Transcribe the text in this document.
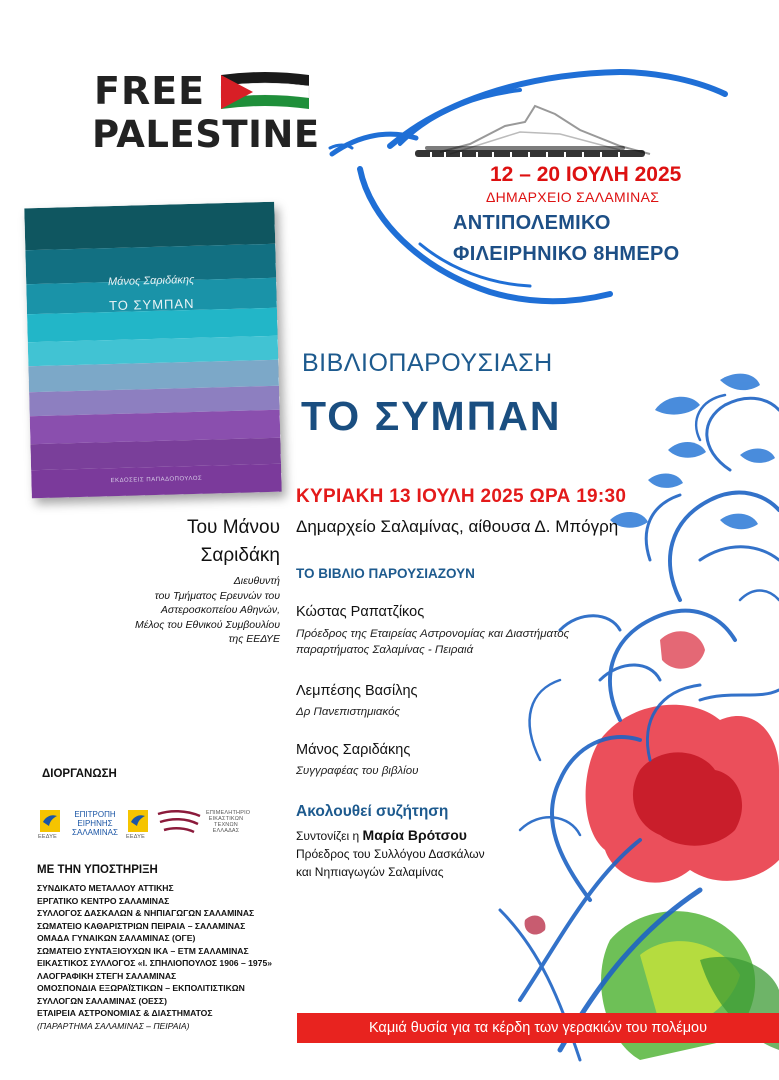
FREE
PALESTINE
12 – 20 ΙΟΥΛΗ 2025
ΔΗΜΑΡΧΕΙΟ ΣΑΛΑΜΙΝΑΣ
ΑΝΤΙΠΟΛΕΜΙΚΟ
ΦΙΛΕΙΡΗΝΙΚΟ 8ΗΜΕΡΟ
Μάνος Σαριδάκης
ΤΟ ΣΥΜΠΑΝ
ΕΚΔΟΣΕΙΣ ΠΑΠΑΔΟΠΟΥΛΟΣ
ΒΙΒΛΙΟΠΑΡΟΥΣΙΑΣΗ
ΤΟ ΣΥΜΠΑΝ
ΚΥΡΙΑΚΗ 13 ΙΟΥΛΗ 2025 ΩΡΑ 19:30
Δημαρχείο Σαλαμίνας, αίθουσα Δ. Μπόγρη
Του Μάνου
Σαριδάκη
Διευθυντή
του Τμήματος Ερευνών του
Αστεροσκοπείου Αθηνών,
Μέλος του Εθνικού Συμβουλίου
της ΕΕΔΥΕ
ΤΟ ΒΙΒΛΙΟ ΠΑΡΟΥΣΙΑΖΟΥΝ
Κώστας Ραπατζίκος
Πρόεδρος της Εταιρείας Αστρονομίας και Διαστήματος
παραρτήματος Σαλαμίνας - Πειραιά
Λεμπέσης Βασίλης
Δρ Πανεπιστημιακός
Μάνος Σαριδάκης
Συγγραφέας του βιβλίου
Ακολουθεί συζήτηση
Συντονίζει η Μαρία Βρότσου
Πρόεδρος του Συλλόγου Δασκάλων
και Νηπιαγωγών Σαλαμίνας
ΔΙΟΡΓΑΝΩΣΗ
ΕΕΔΥΕ
ΕΠΙΤΡΟΠΗ
ΕΙΡΗΝΗΣ
ΣΑΛΑΜΙΝΑΣ	ΕΕΔΥΕ
ΕΠΙΜΕΛΗΤΗΡΙΟ
ΕΙΚΑΣΤΙΚΩΝ
ΤΕΧΝΩΝ
ΕΛΛΑΔΑΣ
ΜΕ ΤΗΝ ΥΠΟΣΤΗΡΙΞΗ
ΣΥΝΔΙΚΑΤΟ ΜΕΤΑΛΛΟΥ ΑΤΤΙΚΗΣ
ΕΡΓΑΤΙΚΟ ΚΕΝΤΡΟ ΣΑΛΑΜΙΝΑΣ
ΣΥΛΛΟΓΟΣ ΔΑΣΚΑΛΩΝ & ΝΗΠΙΑΓΩΓΩΝ ΣΑΛΑΜΙΝΑΣ
ΣΩΜΑΤΕΙΟ ΚΑΘΑΡΙΣΤΡΙΩΝ ΠΕΙΡΑΙΑ – ΣΑΛΑΜΙΝΑΣ
ΟΜΑΔΑ ΓΥΝΑΙΚΩΝ ΣΑΛΑΜΙΝΑΣ (ΟΓΕ)
ΣΩΜΑΤΕΙΟ ΣΥΝΤΑΞΙΟΥΧΩΝ ΙΚΑ – ΕΤΜ ΣΑΛΑΜΙΝΑΣ
ΕΙΚΑΣΤΙΚΟΣ ΣΥΛΛΟΓΟΣ «Ι. ΣΠΗΛΙΟΠΟΥΛΟΣ 1906 – 1975»
ΛΑΟΓΡΑΦΙΚΗ ΣΤΕΓΗ ΣΑΛΑΜΙΝΑΣ
ΟΜΟΣΠΟΝΔΙΑ ΕΞΩΡΑΪΣΤΙΚΩΝ – ΕΚΠΟΛΙΤΙΣΤΙΚΩΝ
ΣΥΛΛΟΓΩΝ ΣΑΛΑΜΙΝΑΣ (ΟΕΣΣ)
ΕΤΑΙΡΕΙΑ ΑΣΤΡΟΝΟΜΙΑΣ & ΔΙΑΣΤΗΜΑΤΟΣ
(ΠΑΡΑΡΤΗΜΑ ΣΑΛΑΜΙΝΑΣ – ΠΕΙΡΑΙΑ)	Καμιά θυσία για τα κέρδη των γερακιών του πολέμου
